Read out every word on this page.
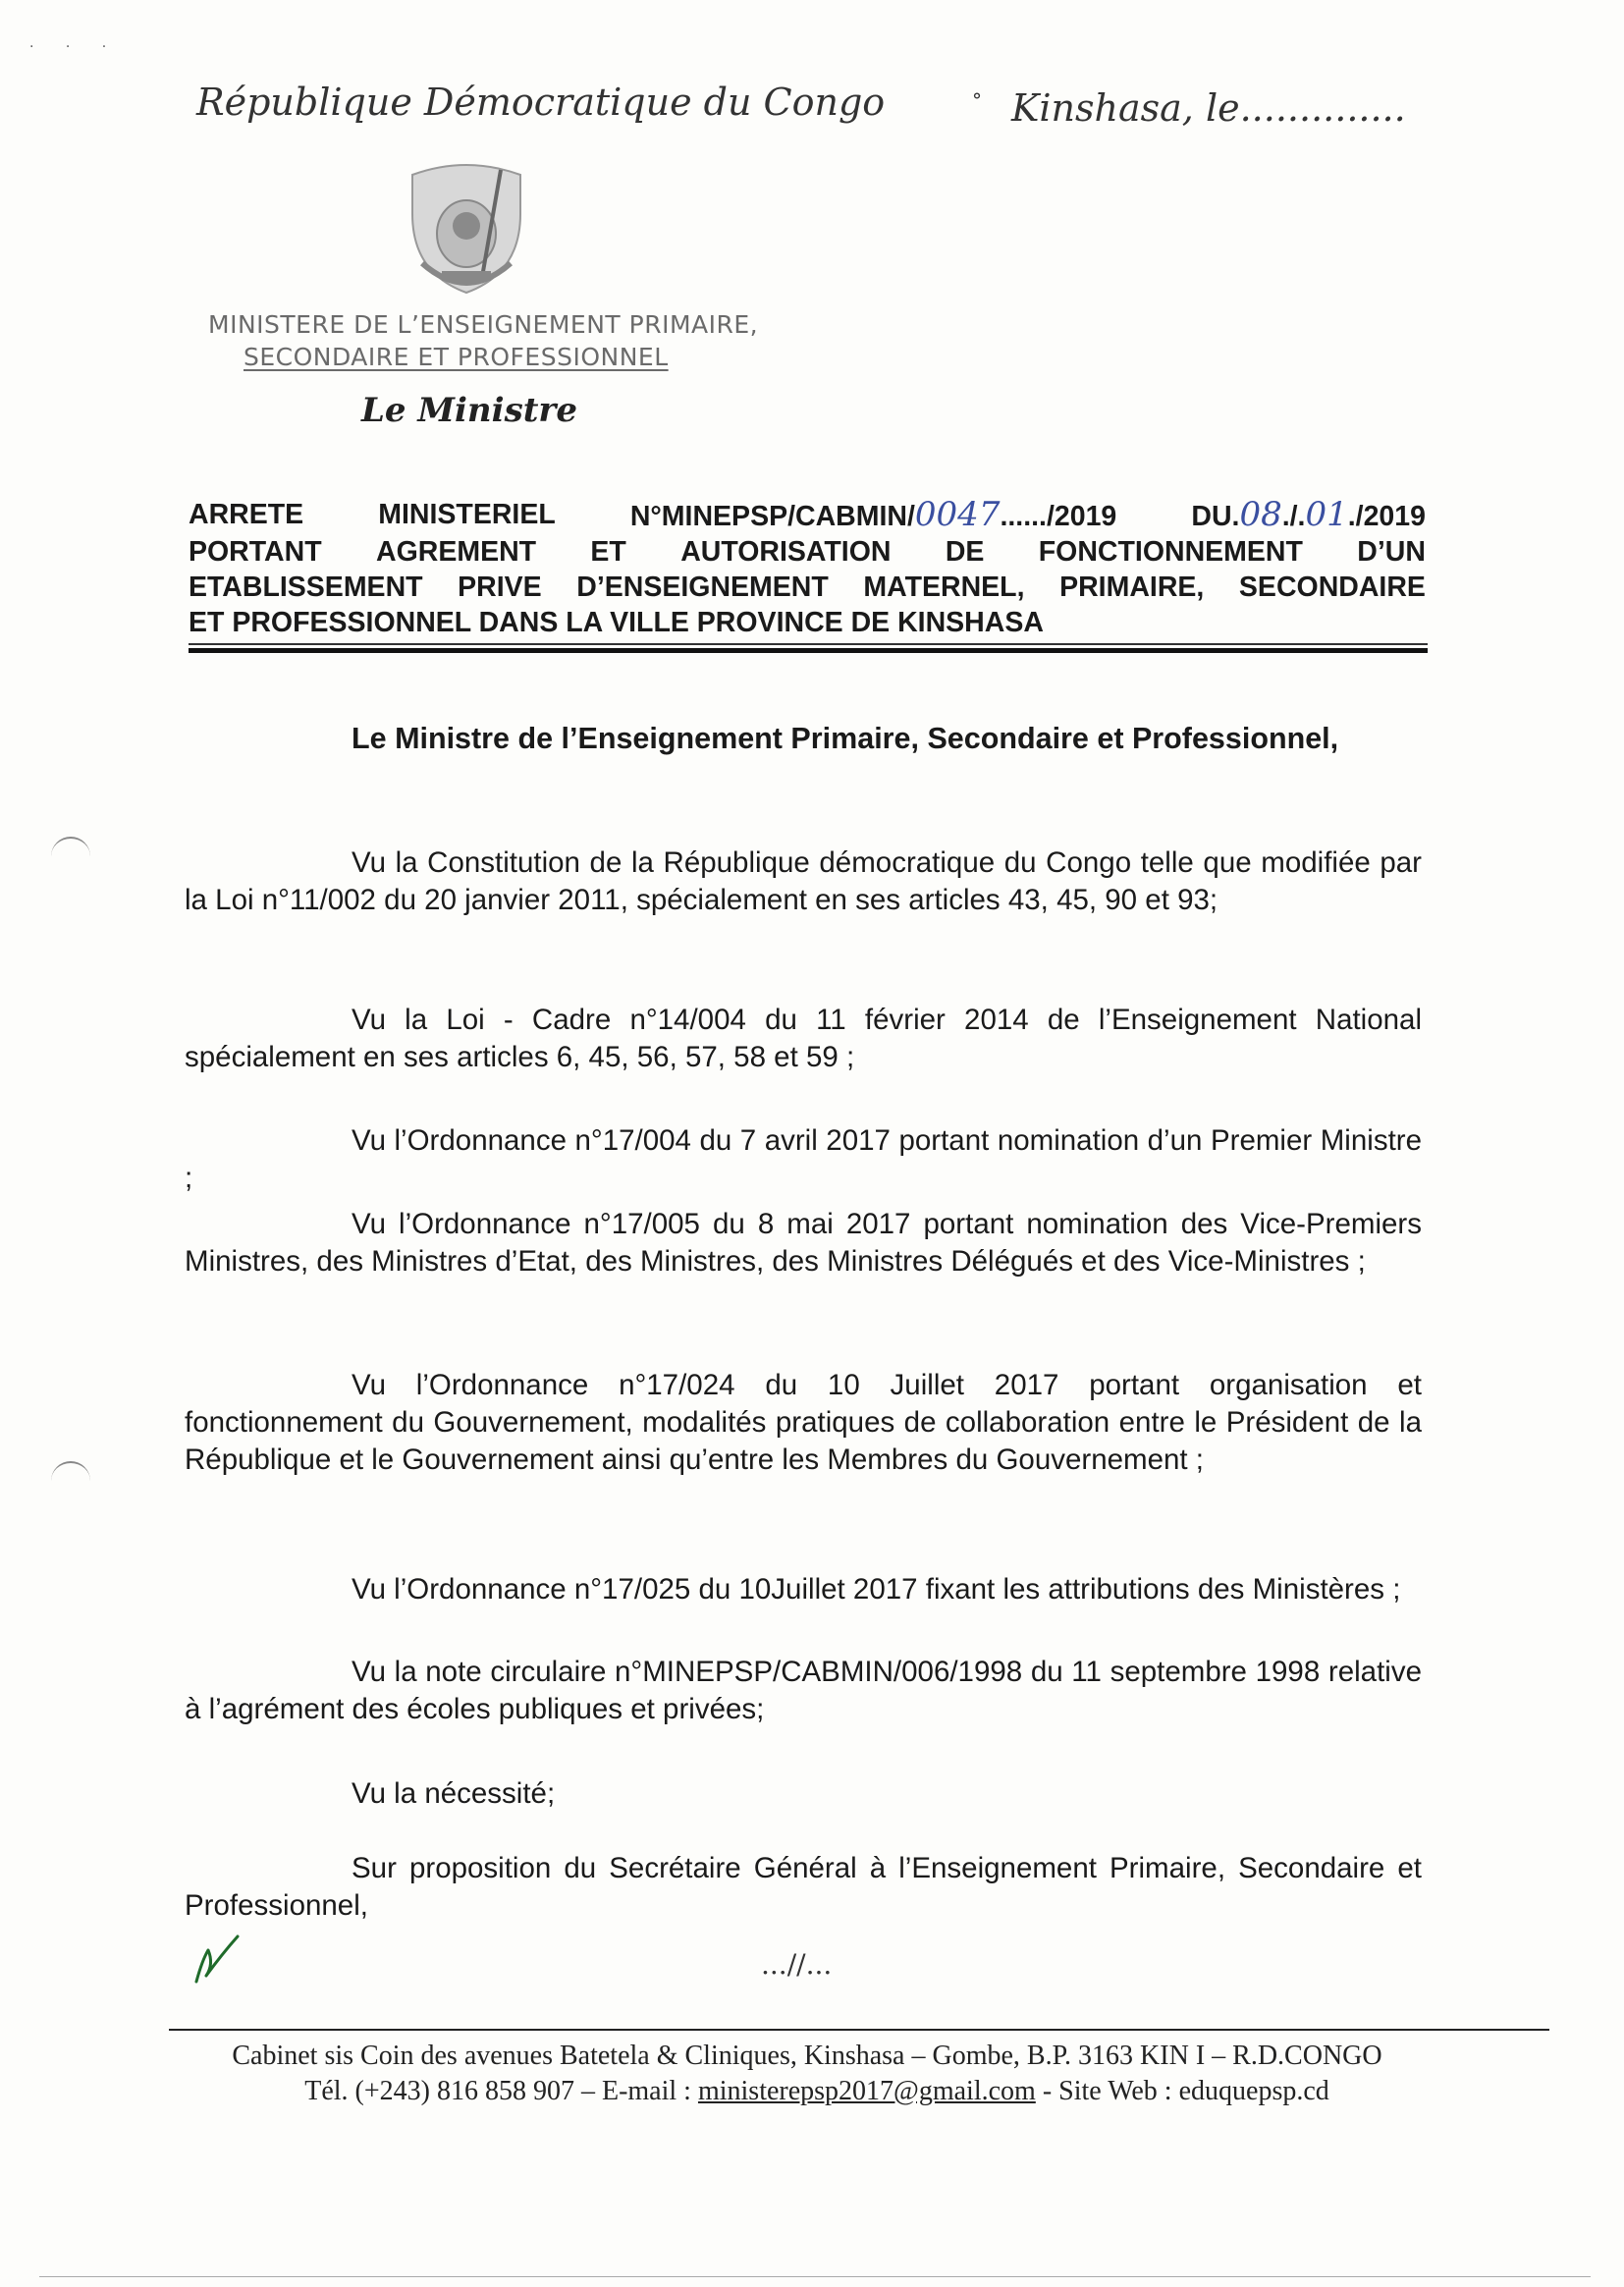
· · ·
République Démocratique du Congo	° Kinshasa, le..............
MINISTERE DE L’ENSEIGNEMENT PRIMAIRE,
SECONDAIRE ET PROFESSIONNEL
Le Ministre
ARRETE	MINISTERIEL	N°MINEPSP/CABMIN/0047....../2019	DU.08./.01./2019
PORTANT AGREMENT ET AUTORISATION DE FONCTIONNEMENT D’UN
ETABLISSEMENT PRIVE D’ENSEIGNEMENT MATERNEL, PRIMAIRE, SECONDAIRE
ET PROFESSIONNEL DANS LA VILLE PROVINCE DE KINSHASA

Le Ministre de l’Enseignement Primaire, Secondaire et Professionnel,

Vu la Constitution de la République démocratique du Congo telle que modifiée par la Loi n°11/002 du 20 janvier 2011, spécialement en ses articles 43, 45, 90 et 93;

Vu la Loi - Cadre n°14/004 du 11 février 2014 de l’Enseignement National spécialement en ses articles 6, 45, 56, 57, 58 et 59 ;

Vu l’Ordonnance n°17/004 du 7 avril 2017 portant nomination d’un Premier Ministre ;

Vu l’Ordonnance n°17/005 du 8 mai 2017 portant nomination des Vice-Premiers Ministres, des Ministres d’Etat, des Ministres, des Ministres Délégués et des Vice-Ministres ;

Vu l’Ordonnance n°17/024 du 10 Juillet 2017 portant organisation et fonctionnement du Gouvernement, modalités pratiques de collaboration entre le Président de la République et le Gouvernement ainsi qu’entre les Membres du Gouvernement ;

Vu l’Ordonnance n°17/025 du 10Juillet 2017 fixant les attributions des Ministères ;

Vu la note circulaire n°MINEPSP/CABMIN/006/1998 du 11 septembre 1998 relative à l’agrément des écoles publiques et privées;

Vu la nécessité;

Sur proposition du Secrétaire Général à l’Enseignement Primaire, Secondaire et Professionnel,

...//...
Cabinet sis Coin des avenues Batetela & Cliniques, Kinshasa – Gombe, B.P. 3163 KIN I – R.D.CONGO
Tél. (+243) 816 858 907 – E-mail : ministerepsp2017@gmail.com - Site Web : eduquepsp.cd
